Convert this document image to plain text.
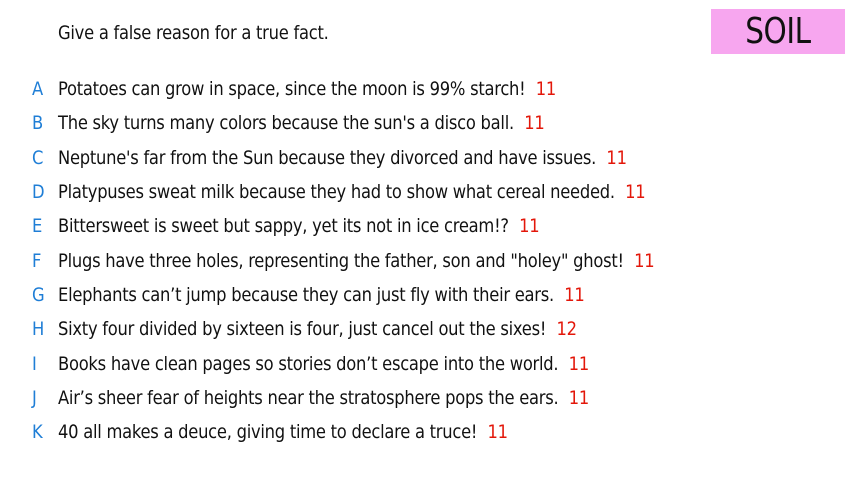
Give a false reason for a true fact.	SOIL
A Potatoes can grow in space, since the moon is 99% starch! 11
B The sky turns many colors because the sun's a disco ball. 11
C Neptune's far from the Sun because they divorced and have issues. 11
D Platypuses sweat milk because they had to show what cereal needed. 11
E Bittersweet is sweet but sappy, yet its not in ice cream!? 11
F Plugs have three holes, representing the father, son and "holey" ghost! 11
G Elephants can’t jump because they can just fly with their ears. 11
H Sixty four divided by sixteen is four, just cancel out the sixes! 12
I	Books have clean pages so stories don’t escape into the world. 11
J	Air’s sheer fear of heights near the stratosphere pops the ears. 11
K 40 all makes a deuce, giving time to declare a truce! 11
